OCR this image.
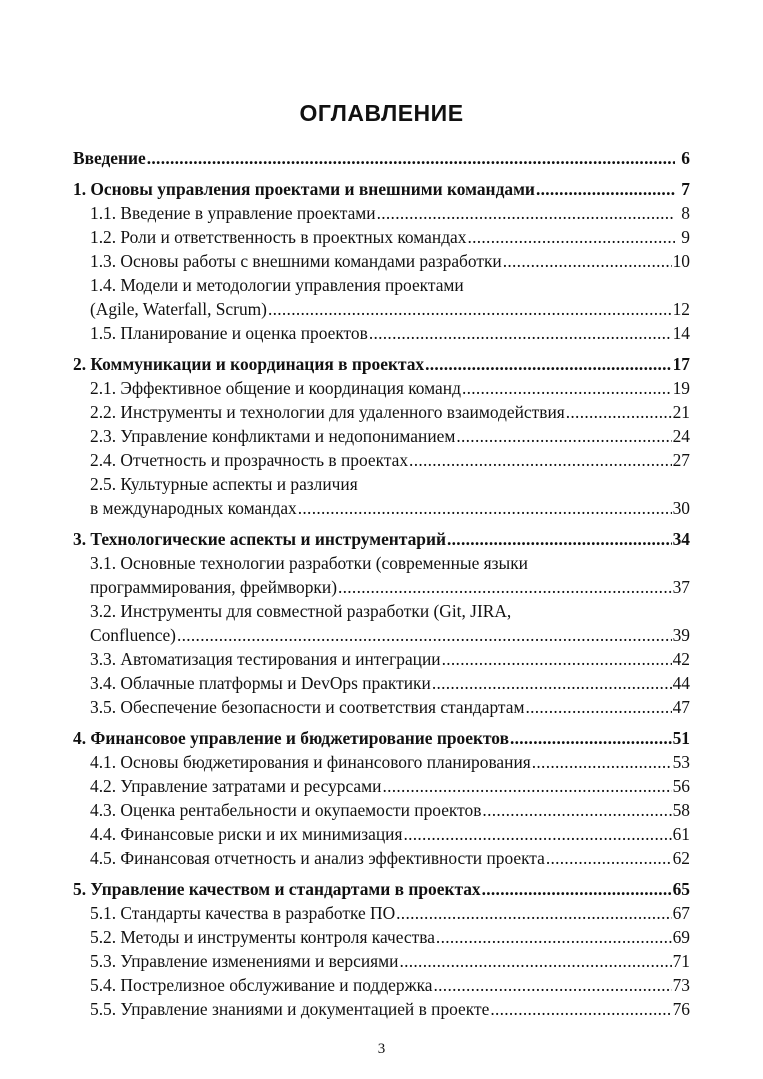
ОГЛАВЛЕНИЕ
Введение .....	6
1. Основы управления проектами и внешними командами .....	7
1.1. Введение в управление проектами .....	8
1.2. Роли и ответственность в проектных командах .....	9
1.3. Основы работы с внешними командами разработки .....	10
1.4. Модели и методологии управления проектами
(Agile, Waterfall, Scrum) .....	12
1.5. Планирование и оценка проектов .....	14
2. Коммуникации и координация в проектах .....	17
2.1. Эффективное общение и координация команд .....	19
2.2. Инструменты и технологии для удаленного взаимодействия .....	21
2.3. Управление конфликтами и недопониманием .....	24
2.4. Отчетность и прозрачность в проектах .....	27
2.5. Культурные аспекты и различия
в международных командах .....	30
3. Технологические аспекты и инструментарий .....	34
3.1. Основные технологии разработки (современные языки
программирования, фреймворки) .....	37
3.2. Инструменты для совместной разработки (Git, JIRA,
Confluence) .....	39
3.3. Автоматизация тестирования и интеграции .....	42
3.4. Облачные платформы и DevOps практики .....	44
3.5. Обеспечение безопасности и соответствия стандартам .....	47
4. Финансовое управление и бюджетирование проектов .....	51
4.1. Основы бюджетирования и финансового планирования .....	53
4.2. Управление затратами и ресурсами .....	56
4.3. Оценка рентабельности и окупаемости проектов .....	58
4.4. Финансовые риски и их минимизация .....	61
4.5. Финансовая отчетность и анализ эффективности проекта .....	62
5. Управление качеством и стандартами в проектах .....	65
5.1. Стандарты качества в разработке ПО .....	67
5.2. Методы и инструменты контроля качества .....	69
5.3. Управление изменениями и версиями .....	71
5.4. Пострелизное обслуживание и поддержка .....	73
5.5. Управление знаниями и документацией в проекте .....	76
3
